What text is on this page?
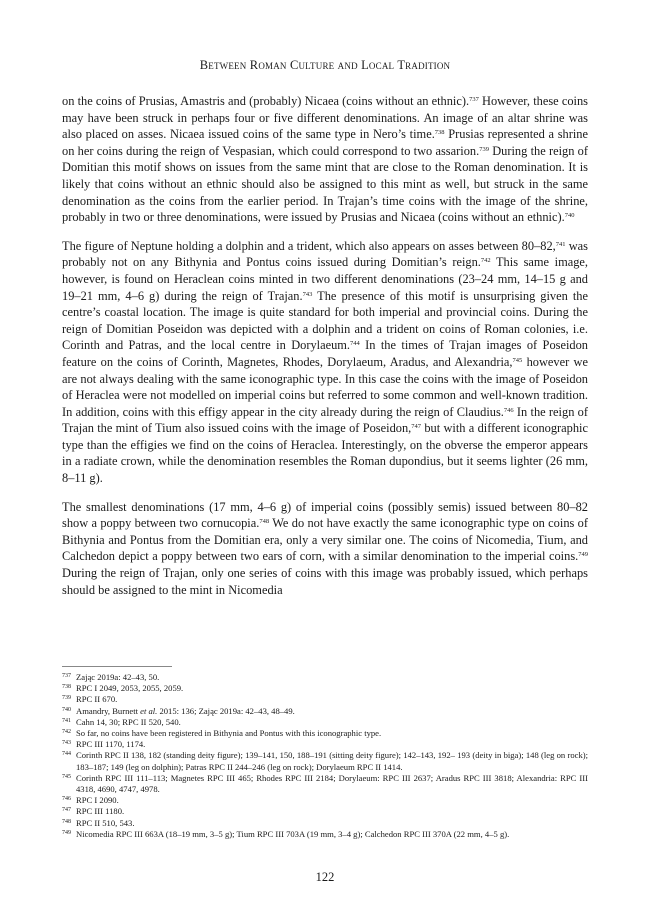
Between Roman Culture and Local Tradition

on the coins of Prusias, Amastris and (probably) Nicaea (coins without an ethnic).$^{737}$ However, these coins may have been struck in perhaps four or five different denominations. An image of an altar shrine was also placed on asses. Nicaea issued coins of the same type in Nero’s time.$^{738}$ Prusias represented a shrine on her coins during the reign of Vespasian, which could correspond to two assarion.$^{739}$ During the reign of Domitian this motif shows on issues from the same mint that are close to the Roman denomination. It is likely that coins without an ethnic should also be assigned to this mint as well, but struck in the same denomination as the coins from the earlier period. In Trajan’s time coins with the image of the shrine, probably in two or three denominations, were issued by Prusias and Nicaea (coins without an ethnic).$^{740}$

The figure of Neptune holding a dolphin and a trident, which also appears on asses between 80–82,$^{741}$ was probably not on any Bithynia and Pontus coins issued during Domitian’s reign.$^{742}$ This same image, however, is found on Heraclean coins minted in two different denominations (23–24 mm, 14–15 g and 19–21 mm, 4–6 g) during the reign of Trajan.$^{743}$ The presence of this motif is unsurprising given the centre’s coastal location. The image is quite standard for both imperial and provincial coins. During the reign of Domitian Poseidon was depicted with a dolphin and a trident on coins of Roman colonies, i.e. Corinth and Patras, and the local centre in Dorylaeum.$^{744}$ In the times of Trajan images of Poseidon feature on the coins of Corinth, Magnetes, Rhodes, Dorylaeum, Aradus, and Alexandria,$^{745}$ however we are not always dealing with the same iconographic type. In this case the coins with the image of Poseidon of Heraclea were not modelled on imperial coins but referred to some common and well-known tradition. In addition, coins with this effigy appear in the city already during the reign of Claudius.$^{746}$ In the reign of Trajan the mint of Tium also issued coins with the image of Poseidon,$^{747}$ but with a different iconographic type than the effigies we find on the coins of Heraclea. Interestingly, on the obverse the emperor appears in a radiate crown, while the denomination resembles the Roman dupondius, but it seems lighter (26 mm, 8–11 g).

The smallest denominations (17 mm, 4–6 g) of imperial coins (possibly semis) issued between 80–82 show a poppy between two cornucopia.$^{748}$ We do not have exactly the same iconographic type on coins of Bithynia and Pontus from the Domitian era, only a very similar one. The coins of Nicomedia, Tium, and Calchedon depict a poppy between two ears of corn, with a similar denomination to the imperial coins.$^{749}$ During the reign of Trajan, only one series of coins with this image was probably issued, which perhaps should be assigned to the mint in Nicomedia

737 Zając 2019a: 42–43, 50.
738 RPC I 2049, 2053, 2055, 2059.
739 RPC II 670.
740 Amandry, Burnett et al. 2015: 136; Zając 2019a: 42–43, 48–49.
741 Cahn 14, 30; RPC II 520, 540.
742 So far, no coins have been registered in Bithynia and Pontus with this iconographic type.
743 RPC III 1170, 1174.
744 Corinth RPC II 138, 182 (standing deity figure); 139–141, 150, 188–191 (sitting deity figure); 142–143, 192– 193 (deity in biga); 148 (leg on rock); 183–187; 149 (leg on dolphin); Patras RPC II 244–246 (leg on rock); Dorylaeum RPC II 1414.
745 Corinth RPC III 111–113; Magnetes RPC III 465; Rhodes RPC III 2184; Dorylaeum: RPC III 2637; Aradus RPC III 3818; Alexandria: RPC III 4318, 4690, 4747, 4978.
746 RPC I 2090.
747 RPC III 1180.
748 RPC II 510, 543.
749 Nicomedia RPC III 663A (18–19 mm, 3–5 g); Tium RPC III 703A (19 mm, 3–4 g); Calchedon RPC III 370A (22 mm, 4–5 g).
122
